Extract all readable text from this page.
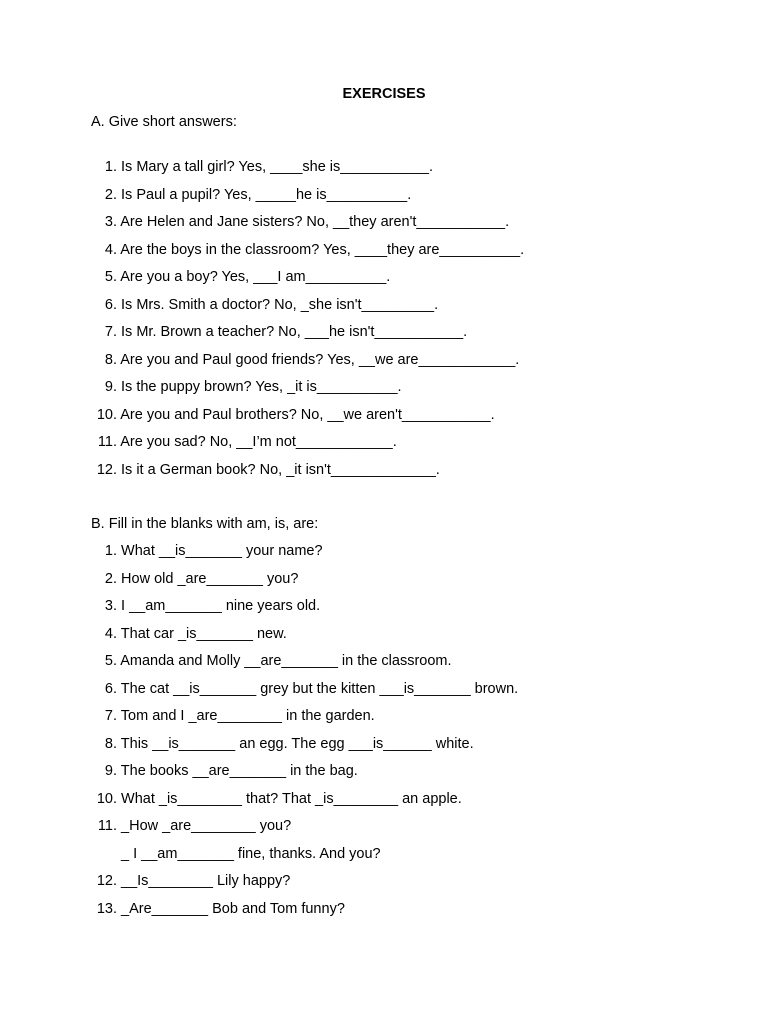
EXERCISES
A. Give short answers:
1. Is Mary a tall girl? Yes, ____she is___________.
2. Is Paul a pupil? Yes, _____he is__________.
3. Are Helen and Jane sisters? No, __they aren't___________.
4. Are the boys in the classroom? Yes, ____they are__________.
5. Are you a boy? Yes, ___I am__________.
6. Is Mrs. Smith a doctor? No, _she isn't_________.
7. Is Mr. Brown a teacher? No, ___he isn't___________.
8. Are you and Paul good friends? Yes, __we are____________.
9. Is the puppy brown? Yes, _it is__________.
10. Are you and Paul brothers? No, __we aren't___________.
11. Are you sad? No, __I’m not____________.
12. Is it a German book? No, _it isn't_____________.
B. Fill in the blanks with am, is, are:
1. What __is_______ your name?
2. How old _are_______ you?
3. I __am_______ nine years old.
4. That car _is_______ new.
5. Amanda and Molly __are_______ in the classroom.
6. The cat __is_______ grey but the kitten ___is_______ brown.
7. Tom and I _are________ in the garden.
8. This __is_______ an egg. The egg ___is______ white.
9. The books __are_______ in the bag.
10. What _is________ that? That _is________ an apple.
11. _How _are________ you?
_ I __am_______ fine, thanks. And you?
12. __Is________ Lily happy?
13. _Are_______ Bob and Tom funny?
